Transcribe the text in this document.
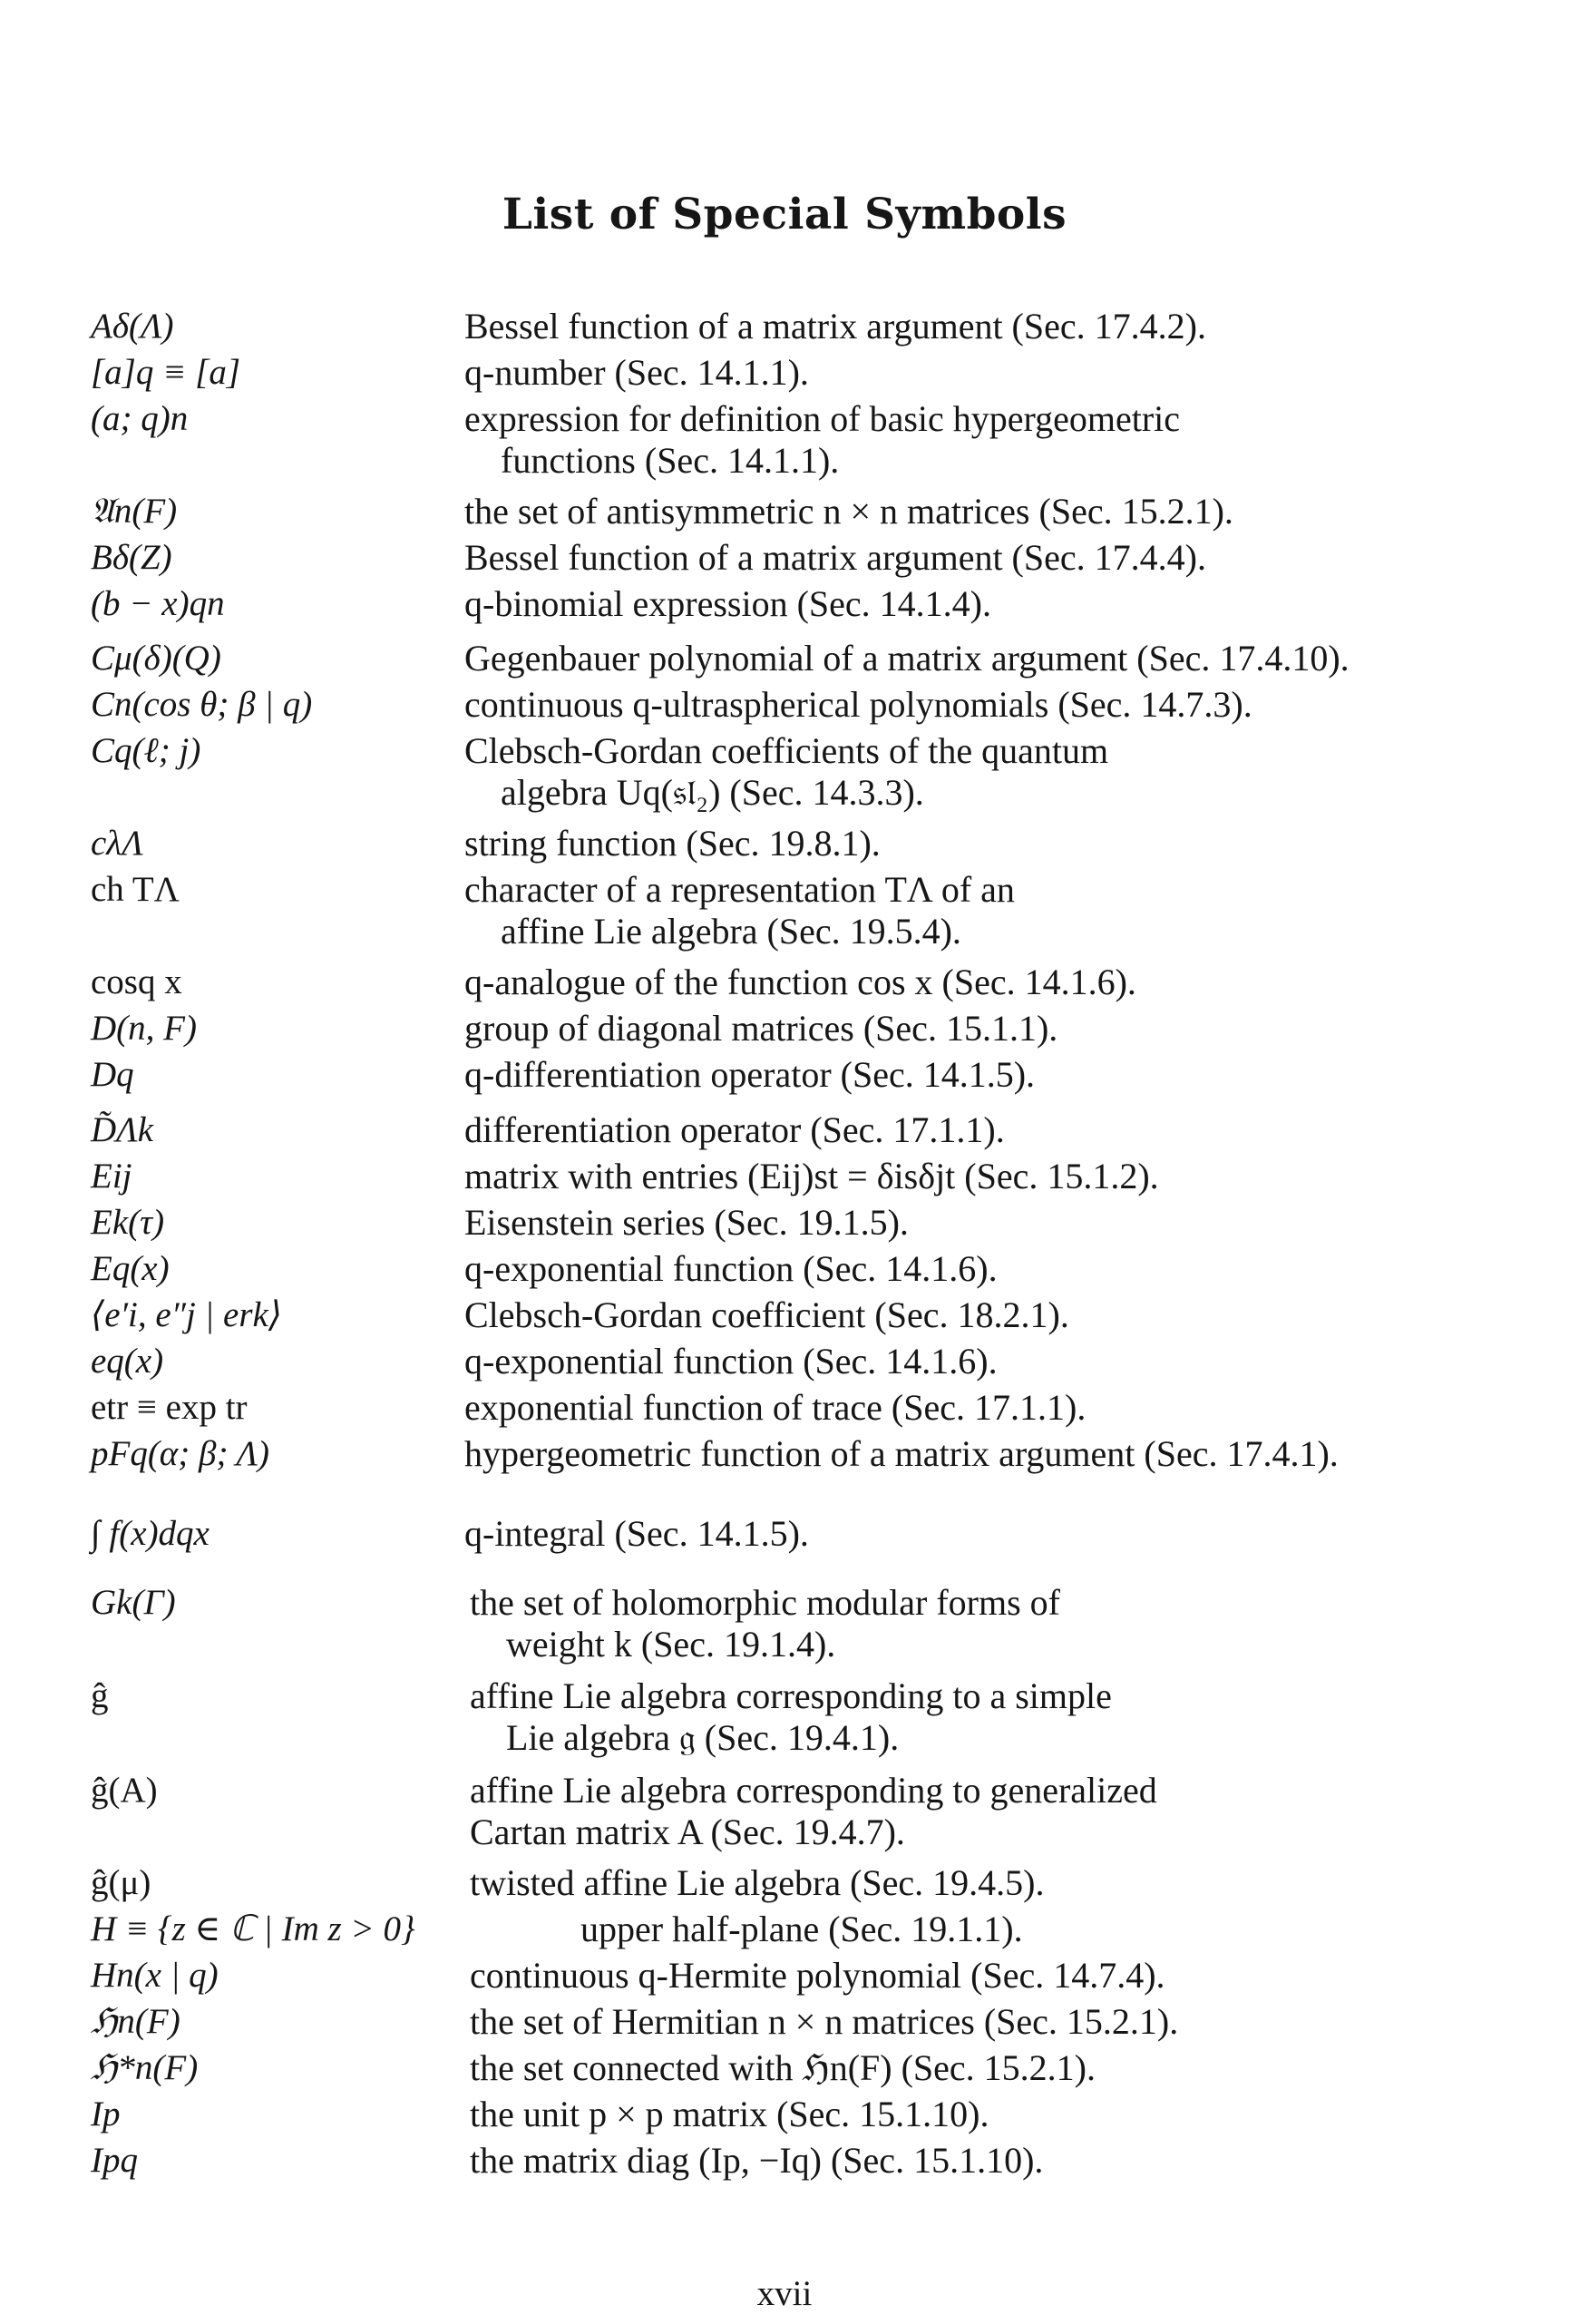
List of Special Symbols
Aδ(Λ)	Bessel function of a matrix argument (Sec. 17.4.2).
[a]q ≡ [a]	q-number (Sec. 14.1.1).
(a; q)n	expression for definition of basic hypergeometric
functions (Sec. 14.1.1).
𝔄n(F)	the set of antisymmetric n × n matrices (Sec. 15.2.1).
Bδ(Z)	Bessel function of a matrix argument (Sec. 17.4.4).
(b − x)qn	q-binomial expression (Sec. 14.1.4).
Cμ(δ)(Q)	Gegenbauer polynomial of a matrix argument (Sec. 17.4.10).
Cn(cos θ; β | q)	continuous q-ultraspherical polynomials (Sec. 14.7.3).
Cq(ℓ; j)	Clebsch-Gordan coefficients of the quantum
algebra Uq(𝔰𝔩₂) (Sec. 14.3.3).
cλΛ	string function (Sec. 19.8.1).
ch TΛ	character of a representation TΛ of an
affine Lie algebra (Sec. 19.5.4).
cosq x	q-analogue of the function cos x (Sec. 14.1.6).
D(n, F)	group of diagonal matrices (Sec. 15.1.1).
Dq	q-differentiation operator (Sec. 14.1.5).
D̃Λk	differentiation operator (Sec. 17.1.1).
Eij	matrix with entries (Eij)st = δisδjt (Sec. 15.1.2).
Ek(τ)	Eisenstein series (Sec. 19.1.5).
Eq(x)	q-exponential function (Sec. 14.1.6).
⟨e′i, e″j | erk⟩	Clebsch-Gordan coefficient (Sec. 18.2.1).
eq(x)	q-exponential function (Sec. 14.1.6).
etr ≡ exp tr	exponential function of trace (Sec. 17.1.1).
pFq(α; β; Λ)	hypergeometric function of a matrix argument (Sec. 17.4.1).
∫ f(x)dqx	q-integral (Sec. 14.1.5).
Gk(Γ)	the set of holomorphic modular forms of
weight k (Sec. 19.1.4).
ĝ	affine Lie algebra corresponding to a simple
Lie algebra 𝔤 (Sec. 19.4.1).
ĝ(A)	affine Lie algebra corresponding to generalized
Cartan matrix A (Sec. 19.4.7).
ĝ(μ)	twisted affine Lie algebra (Sec. 19.4.5).
H ≡ {z ∈ ℂ | Im z > 0}	upper half-plane (Sec. 19.1.1).
Hn(x | q)	continuous q-Hermite polynomial (Sec. 14.7.4).
ℌn(F)	the set of Hermitian n × n matrices (Sec. 15.2.1).
ℌ*n(F)	the set connected with ℌn(F) (Sec. 15.2.1).
Ip	the unit p × p matrix (Sec. 15.1.10).
Ipq	the matrix diag (Ip, −Iq) (Sec. 15.1.10).
xvii
